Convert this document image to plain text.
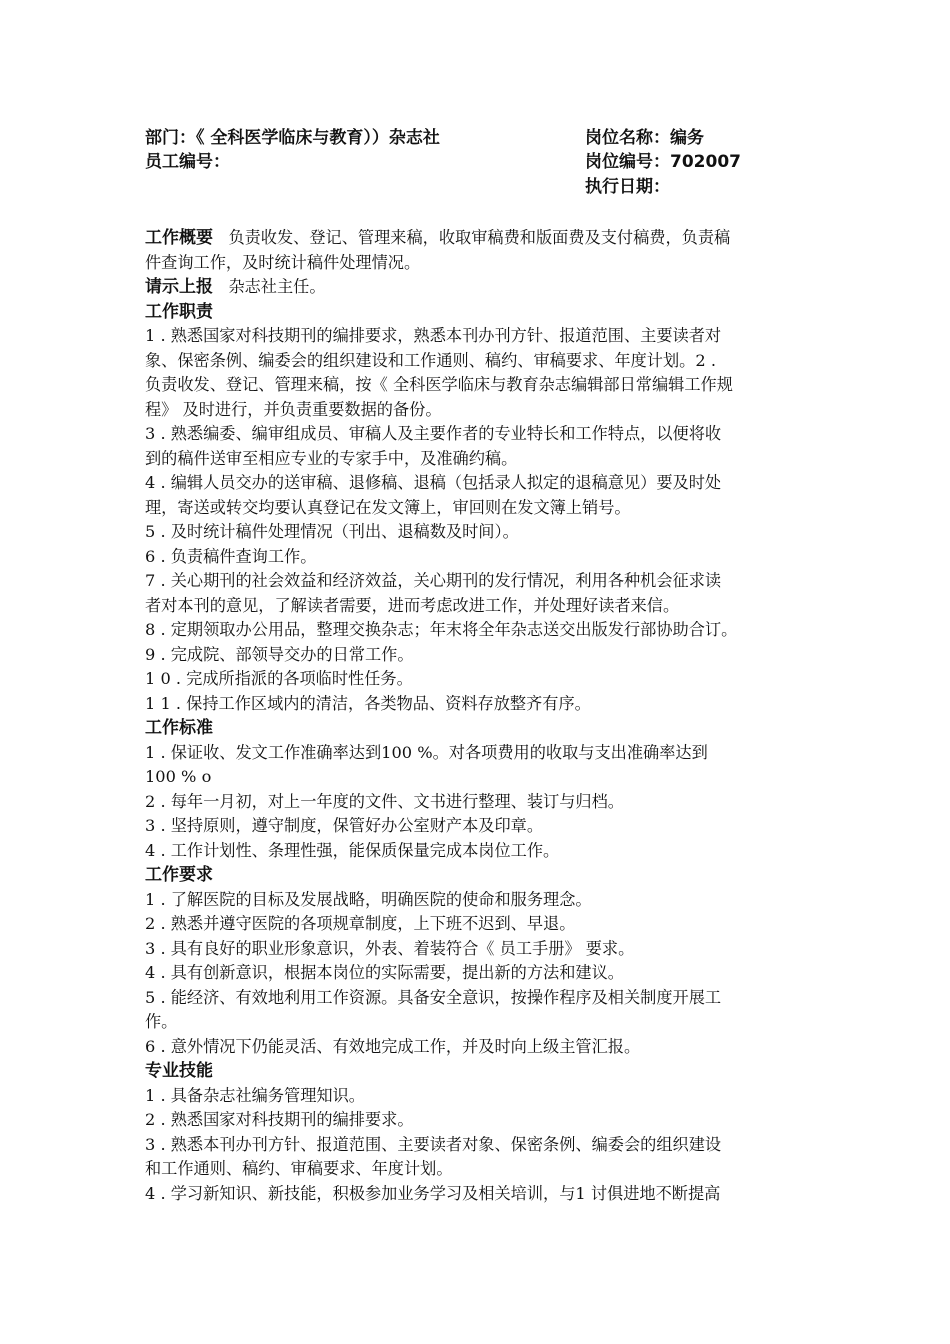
部门：《 全科医学临床与教育））杂志社
员工编号：
岗位名称：编务
岗位编号：702007
执行日期：
工作概要 负责收发、登记、管理来稿，收取审稿费和版面费及支付稿费，负责稿
件查询工作，及时统计稿件处理情况。
请示上报 杂志社主任。
工作职责
1 . 熟悉国家对科技期刊的编排要求，熟悉本刊办刊方针、报道范围、主要读者对
象、保密条例、编委会的组织建设和工作通则、稿约、审稿要求、年度计划。2 .
负责收发、登记、管理来稿，按《 全科医学临床与教育杂志编辑部日常编辑工作规
程》 及时进行，并负责重要数据的备份。
3 . 熟悉编委、编审组成员、审稿人及主要作者的专业特长和工作特点，以便将收
到的稿件送审至相应专业的专家手中，及准确约稿。
4 . 编辑人员交办的送审稿、退修稿、退稿（包括录人拟定的退稿意见）要及时处
理，寄送或转交均要认真登记在发文簿上，审回则在发文簿上销号。
5 . 及时统计稿件处理情况（刊出、退稿数及时间）。
6 . 负责稿件查询工作。
7 . 关心期刊的社会效益和经济效益，关心期刊的发行情况，利用各种机会征求读
者对本刊的意见，了解读者需要，进而考虑改进工作，并处理好读者来信。
8 . 定期领取办公用品，整理交换杂志；年末将全年杂志送交出版发行部协助合订。
9 . 完成院、部领导交办的日常工作。
1 0 . 完成所指派的各项临时性任务。
1 1 . 保持工作区域内的清洁，各类物品、资料存放整齐有序。
工作标准
1 . 保证收、发文工作准确率达到100 %。对各项费用的收取与支出准确率达到
100 % o
2 . 每年一月初，对上一年度的文件、文书进行整理、装订与归档。
3 . 坚持原则，遵守制度，保管好办公室财产本及印章。
4 . 工作计划性、条理性强，能保质保量完成本岗位工作。
工作要求
1 . 了解医院的目标及发展战略，明确医院的使命和服务理念。
2 . 熟悉并遵守医院的各项规章制度，上下班不迟到、早退。
3 . 具有良好的职业形象意识，外表、着装符合《 员工手册》 要求。
4 . 具有创新意识，根据本岗位的实际需要，提出新的方法和建议。
5 . 能经济、有效地利用工作资源。具备安全意识，按操作程序及相关制度开展工
作。
6 . 意外情况下仍能灵活、有效地完成工作，并及时向上级主管汇报。
专业技能
1 . 具备杂志社编务管理知识。
2 . 熟悉国家对科技期刊的编排要求。
3 . 熟悉本刊办刊方针、报道范围、主要读者对象、保密条例、编委会的组织建设
和工作通则、稿约、审稿要求、年度计划。
4 . 学习新知识、新技能，积极参加业务学习及相关培训，与1 讨俱进地不断提高
